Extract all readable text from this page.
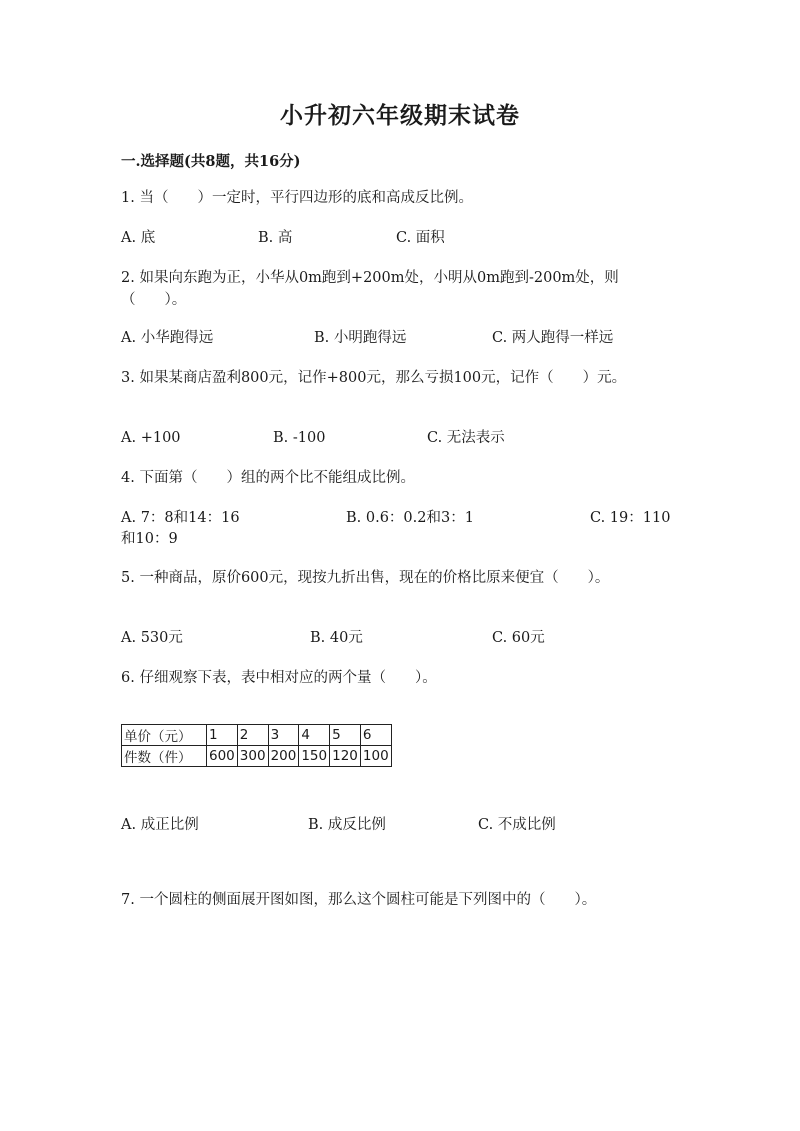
小升初六年级期末试卷
一.选择题(共8题，共16分)
1. 当（　　）一定时，平行四边形的底和高成反比例。
A. 底	B. 高	C. 面积
2. 如果向东跑为正，小华从0m跑到+200m处，小明从0m跑到-200m处，则
（　　）。
A. 小华跑得远	B. 小明跑得远	C. 两人跑得一样远
3. 如果某商店盈利800元，记作+800元，那么亏损100元，记作（　　）元。
A. +100	B. -100	C. 无法表示
4. 下面第（　　）组的两个比不能组成比例。
A. 7：8和14：16	B. 0.6：0.2和3：1	C. 19：110
和10：9
5. 一种商品，原价600元，现按九折出售，现在的价格比原来便宜（　　）。
A. 530元	B. 40元	C. 60元
6. 仔细观察下表，表中相对应的两个量（　　）。
单价（元）	1	2	3	4	5	6
件数（件）	600	300	200	150	120	100
A. 成正比例	B. 成反比例	C. 不成比例
7. 一个圆柱的侧面展开图如图，那么这个圆柱可能是下列图中的（　　）。
